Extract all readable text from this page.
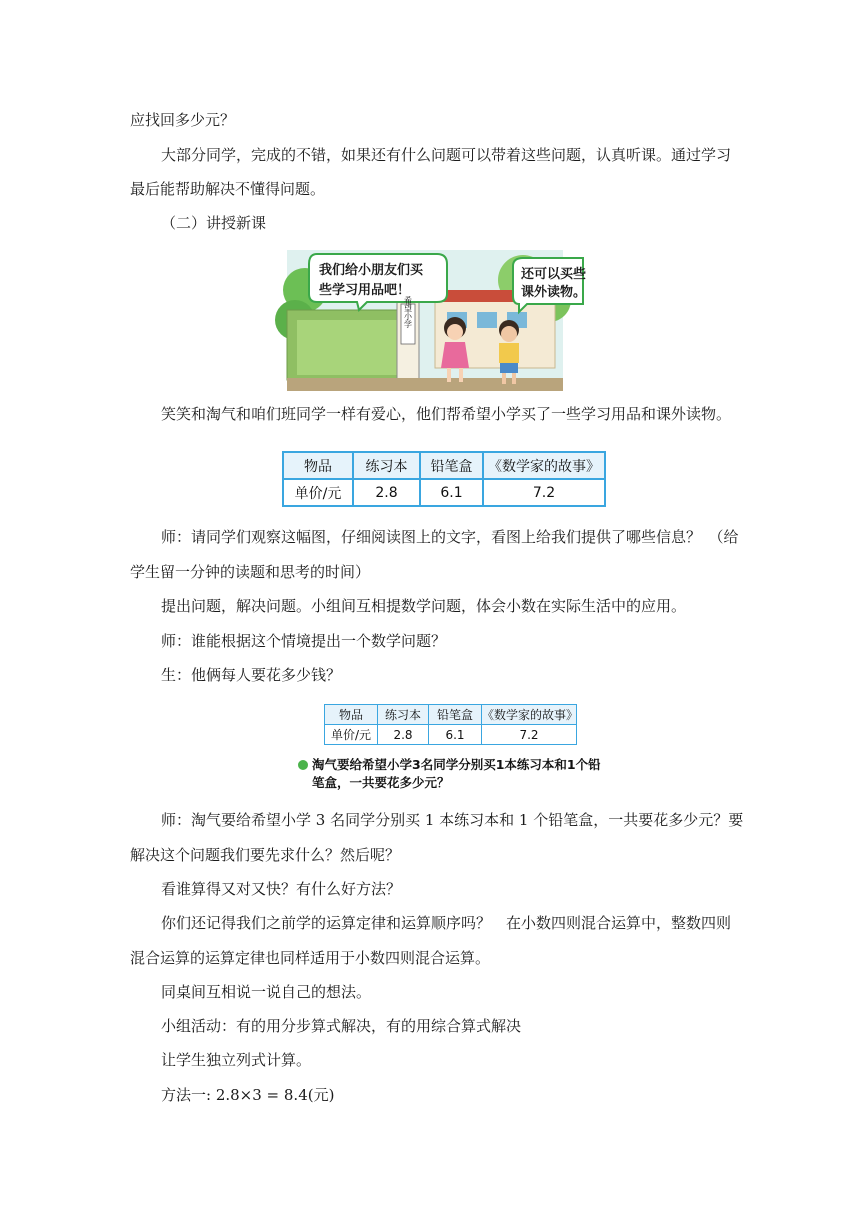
应找回多少元？
大部分同学，完成的不错，如果还有什么问题可以带着这些问题，认真听课。通过学习
最后能帮助解决不懂得问题。
（二）讲授新课
希望小学
我们给小朋友们买
些学习用品吧！
还可以买些
课外读物。
笑笑和淘气和咱们班同学一样有爱心，他们帮希望小学买了一些学习用品和课外读物。
物品	练习本	铅笔盒	《数学家的故事》
单价/元	2.8	6.1	7.2
师：请同学们观察这幅图，仔细阅读图上的文字，看图上给我们提供了哪些信息？　（给
学生留一分钟的读题和思考的时间）
提出问题，解决问题。小组间互相提数学问题，体会小数在实际生活中的应用。
师：谁能根据这个情境提出一个数学问题？
生：他俩每人要花多少钱？
物品	练习本	铅笔盒	《数学家的故事》
单价/元	2.8	6.1	7.2
淘气要给希望小学3名同学分别买1本练习本和1个铅
笔盒，一共要花多少元？
师：淘气要给希望小学 3 名同学分别买 1 本练习本和 1 个铅笔盒，一共要花多少元？要
解决这个问题我们要先求什么？然后呢？
看谁算得又对又快？有什么好方法？
你们还记得我们之前学的运算定律和运算顺序吗？　在小数四则混合运算中，整数四则
混合运算的运算定律也同样适用于小数四则混合运算。
同桌间互相说一说自己的想法。
小组活动：有的用分步算式解决，有的用综合算式解决
让学生独立列式计算。
方法一: 2.8×3 = 8.4(元)
